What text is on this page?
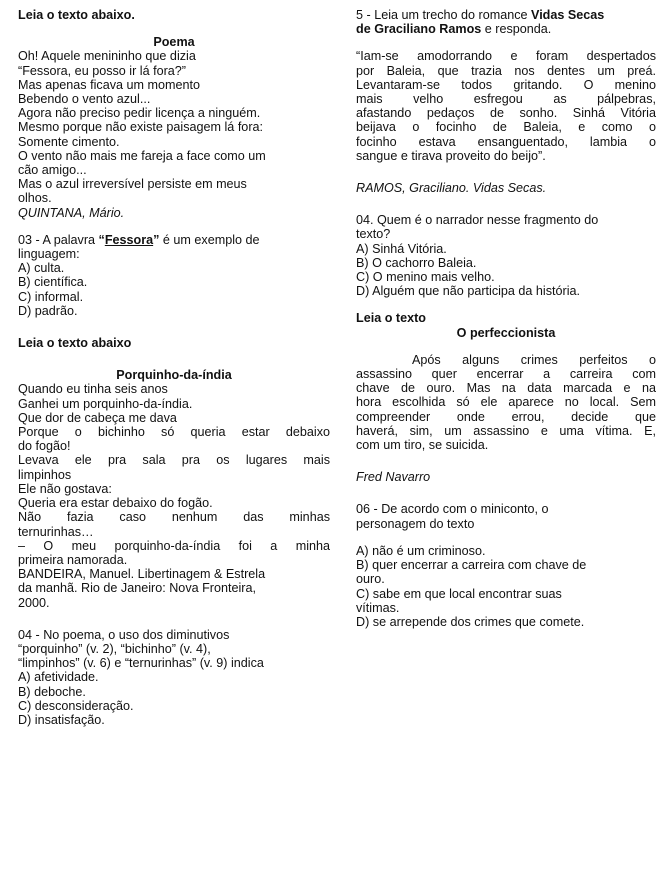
Leia o texto abaixo.
Poema
Oh! Aquele menininho que dizia
“Fessora, eu posso ir lá fora?”
Mas apenas ficava um momento
Bebendo o vento azul...
Agora não preciso pedir licença a ninguém.
Mesmo porque não existe paisagem lá fora:
Somente cimento.
O vento não mais me fareja a face como um
cão amigo...
Mas o azul irreversível persiste em meus
olhos.
QUINTANA, Mário.
03 - A palavra “Fessora” é um exemplo de
linguagem:
A) culta.
B) científica.
C) informal.
D) padrão.
Leia o texto abaixo
Porquinho-da-índia
Quando eu tinha seis anos
Ganhei um porquinho-da-índia.
Que dor de cabeça me dava
Porque o bichinho só queria estar debaixo
do fogão!
Levava ele pra sala pra os lugares mais
limpinhos
Ele não gostava:
Queria era estar debaixo do fogão.
Não fazia caso nenhum das minhas
ternurinhas…
– O meu porquinho-da-índia foi a minha
primeira namorada.
BANDEIRA, Manuel. Libertinagem & Estrela
da manhã. Rio de Janeiro: Nova Fronteira,
2000.
04 - No poema, o uso dos diminutivos
“porquinho” (v. 2), “bichinho” (v. 4),
“limpinhos” (v. 6) e “ternurinhas” (v. 9) indica
A) afetividade.
B) deboche.
C) desconsideração.
D) insatisfação.
5 - Leia um trecho do romance Vidas Secas
de Graciliano Ramos e responda.
“Iam-se amodorrando e foram despertados
por Baleia, que trazia nos dentes um preá.
Levantaram-se todos gritando. O menino
mais velho esfregou as pálpebras,
afastando pedaços de sonho. Sinhá Vitória
beijava o focinho de Baleia, e como o
focinho estava ensanguentado, lambia o
sangue e tirava proveito do beijo”.
RAMOS, Graciliano. Vidas Secas.
04. Quem é o narrador nesse fragmento do
texto?
A) Sinhá Vitória.
B) O cachorro Baleia.
C) O menino mais velho.
D) Alguém que não participa da história.
Leia o texto
O perfeccionista
Após alguns crimes perfeitos o
assassino quer encerrar a carreira com
chave de ouro. Mas na data marcada e na
hora escolhida só ele aparece no local. Sem
compreender onde errou, decide que
haverá, sim, um assassino e uma vítima. E,
com um tiro, se suicida.
Fred Navarro
06 - De acordo com o miniconto, o
personagem do texto
A) não é um criminoso.
B) quer encerrar a carreira com chave de
ouro.
C) sabe em que local encontrar suas
vítimas.
D) se arrepende dos crimes que comete.
